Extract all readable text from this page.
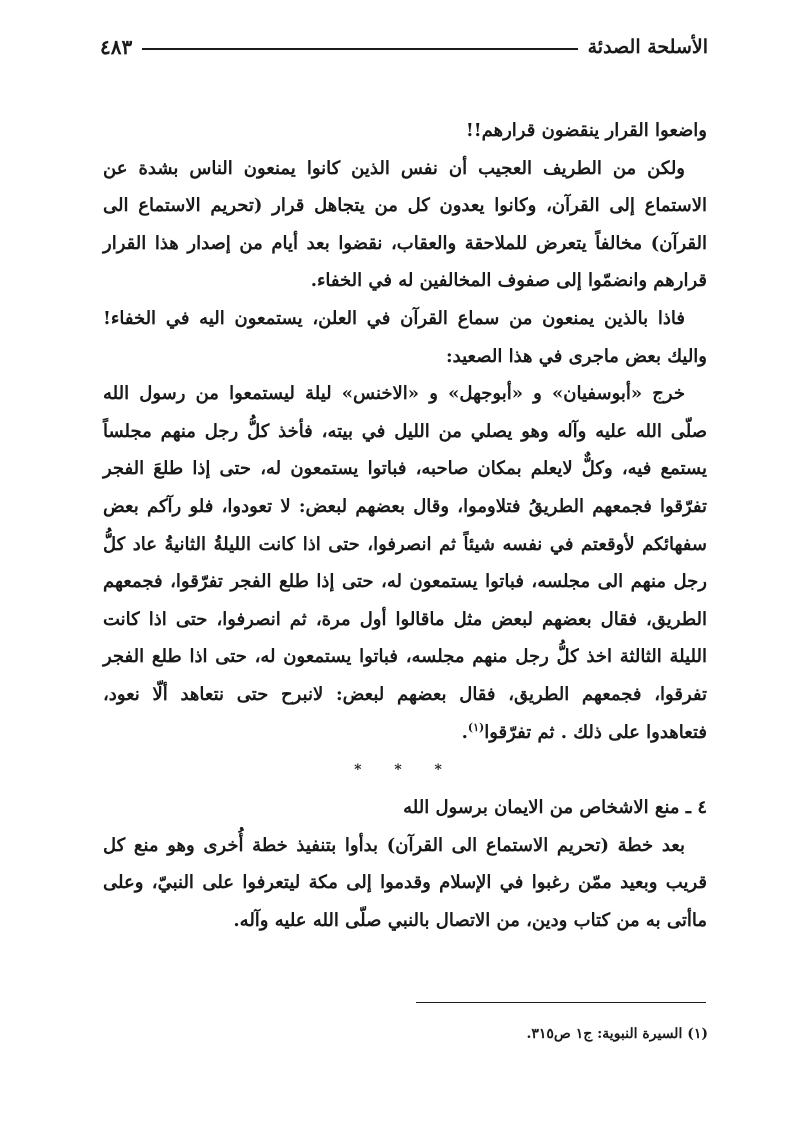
الأسلحة الصدئة
٤٨٣

واضعوا القرار ينقضون قرارهم!!

ولكن من الطريف العجيب أن نفس الذين كانوا يمنعون الناس بشدة عن الاستماع إلى القرآن، وكانوا يعدون كل من يتجاهل قرار (تحريم الاستماع الى القرآن) مخالفاً يتعرض للملاحقة والعقاب، نقضوا بعد أيام من إصدار هذا القرار قرارهم وانضمّوا إلى صفوف المخالفين له في الخفاء.

فاذا بالذين يمنعون من سماع القرآن في العلن، يستمعون اليه في الخفاء! واليك بعض ماجرى في هذا الصعيد:

خرج «أبوسفيان» و «أبوجهل» و «الاخنس» ليلة ليستمعوا من رسول الله صلّى الله عليه وآله وهو يصلي من الليل في بيته، فأخذ كلُّ رجل منهم مجلساً يستمع فيه، وكلٌّ لايعلم بمكان صاحبه، فباتوا يستمعون له، حتى إذا طلعَ الفجر تفرّقوا فجمعهم الطريقُ فتلاوموا، وقال بعضهم لبعض: لا تعودوا، فلو رآكم بعض سفهائكم لأوقعتم في نفسه شيئاً ثم انصرفوا، حتى اذا كانت الليلةُ الثانيةُ عاد كلُّ رجل منهم الى مجلسه، فباتوا يستمعون له، حتى إذا طلع الفجر تفرّقوا، فجمعهم الطريق، فقال بعضهم لبعض مثل ماقالوا أول مرة، ثم انصرفوا، حتى اذا كانت الليلة الثالثة اخذ كلُّ رجل منهم مجلسه، فباتوا يستمعون له، حتى اذا طلع الفجر تفرقوا، فجمعهم الطريق، فقال بعضهم لبعض: لانبرح حتى نتعاهد ألّا نعود، فتعاهدوا على ذلك . ثم تفرّقوا$^{(١)}$.

* * *

٤ ـ منع الاشخاص من الايمان برسول الله

بعد خطة (تحريم الاستماع الى القرآن) بدأوا بتنفيذ خطة أُخرى وهو منع كل قريب وبعيد ممّن رغبوا في الإسلام وقدموا إلى مكة ليتعرفوا على النبيّ، وعلى ماأتى به من كتاب ودين، من الاتصال بالنبي صلّى الله عليه وآله.

(١) السيرة النبوية: ج١ ص٣١٥.
